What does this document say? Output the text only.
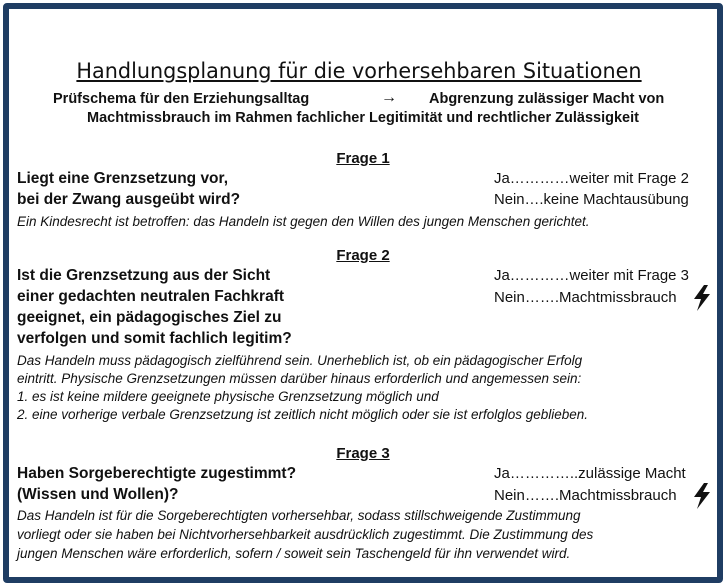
Handlungsplanung für die vorhersehbaren Situationen
Prüfschema für den Erziehungsalltag	→ Abgrenzung zulässiger Macht von
Machtmissbrauch im Rahmen fachlicher Legitimität und rechtlicher Zulässigkeit
Frage 1
Liegt eine Grenzsetzung vor,
bei der Zwang ausgeübt wird?
Ja…………weiter mit Frage 2
Nein….keine Machtausübung
Ein Kindesrecht ist betroffen: das Handeln ist gegen den Willen des jungen Menschen gerichtet.
Frage 2
Ist die Grenzsetzung aus der Sicht
einer gedachten neutralen Fachkraft
geeignet, ein pädagogisches Ziel zu
verfolgen und somit fachlich legitim?
Ja…………weiter mit Frage 3
Nein…….Machtmissbrauch
Das Handeln muss pädagogisch zielführend sein. Unerheblich ist, ob ein pädagogischer Erfolg
eintritt. Physische Grenzsetzungen müssen darüber hinaus erforderlich und angemessen sein:
1. es ist keine mildere geeignete physische Grenzsetzung möglich und
2. eine vorherige verbale Grenzsetzung ist zeitlich nicht möglich oder sie ist erfolglos geblieben.
Frage 3
Haben Sorgeberechtigte zugestimmt?
(Wissen und Wollen)?
Ja…………..zulässige Macht
Nein…….Machtmissbrauch
Das Handeln ist für die Sorgeberechtigten vorhersehbar, sodass stillschweigende Zustimmung
vorliegt oder sie haben bei Nichtvorhersehbarkeit ausdrücklich zugestimmt. Die Zustimmung des
jungen Menschen wäre erforderlich, sofern / soweit sein Taschengeld für ihn verwendet wird.
